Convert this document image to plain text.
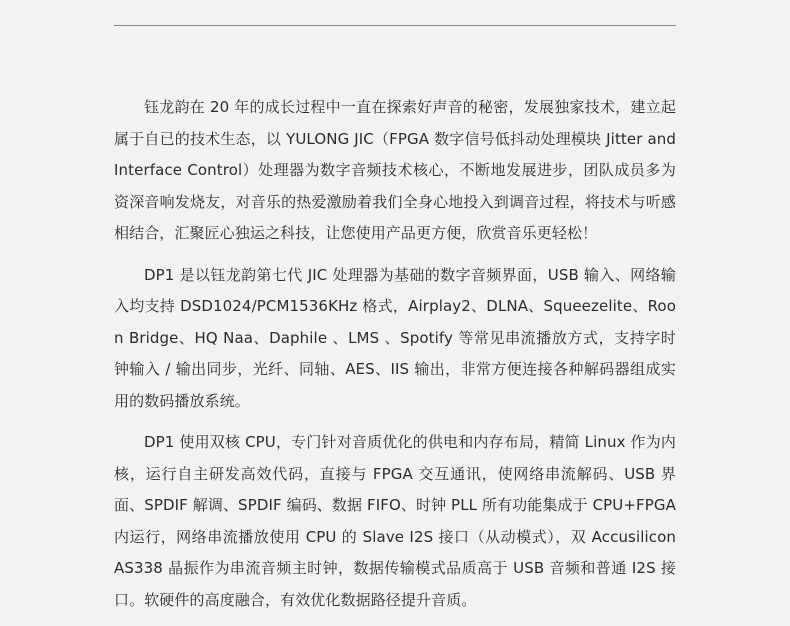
钰龙韵在 20 年的成长过程中一直在探索好声音的秘密，发展独家技术，建立起属于自已的技术生态，以 YULONG JIC（FPGA 数字信号低抖动处理模块 Jitter and Interface Control）处理器为数字音频技术核心，不断地发展进步，团队成员多为资深音响发烧友，对音乐的热爱激励着我们全身心地投入到调音过程，将技术与听感相结合，汇聚匠心独运之科技，让您使用产品更方便，欣赏音乐更轻松！

DP1 是以钰龙韵第七代 JIC 处理器为基础的数字音频界面，USB 输入、网络输入均支持 DSD1024/PCM1536KHz 格式，Airplay2、DLNA、Squeezelite、Roon Bridge、HQ Naa、Daphile 、LMS 、Spotify 等常见串流播放方式，支持字时钟输入 / 输出同步，光纤、同轴、AES、IIS 输出，非常方便连接各种解码器组成实用的数码播放系统。

DP1 使用双核 CPU，专门针对音质优化的供电和内存布局，精简 Linux 作为内核，运行自主研发高效代码，直接与 FPGA 交互通讯，使网络串流解码、USB 界面、SPDIF 解调、SPDIF 编码、数据 FIFO、时钟 PLL 所有功能集成于 CPU+FPGA 内运行，网络串流播放使用 CPU 的 Slave I2S 接口（从动模式），双 Accusilicon AS338 晶振作为串流音频主时钟，数据传输模式品质高于 USB 音频和普通 I2S 接口。软硬件的高度融合，有效优化数据路径提升音质。
